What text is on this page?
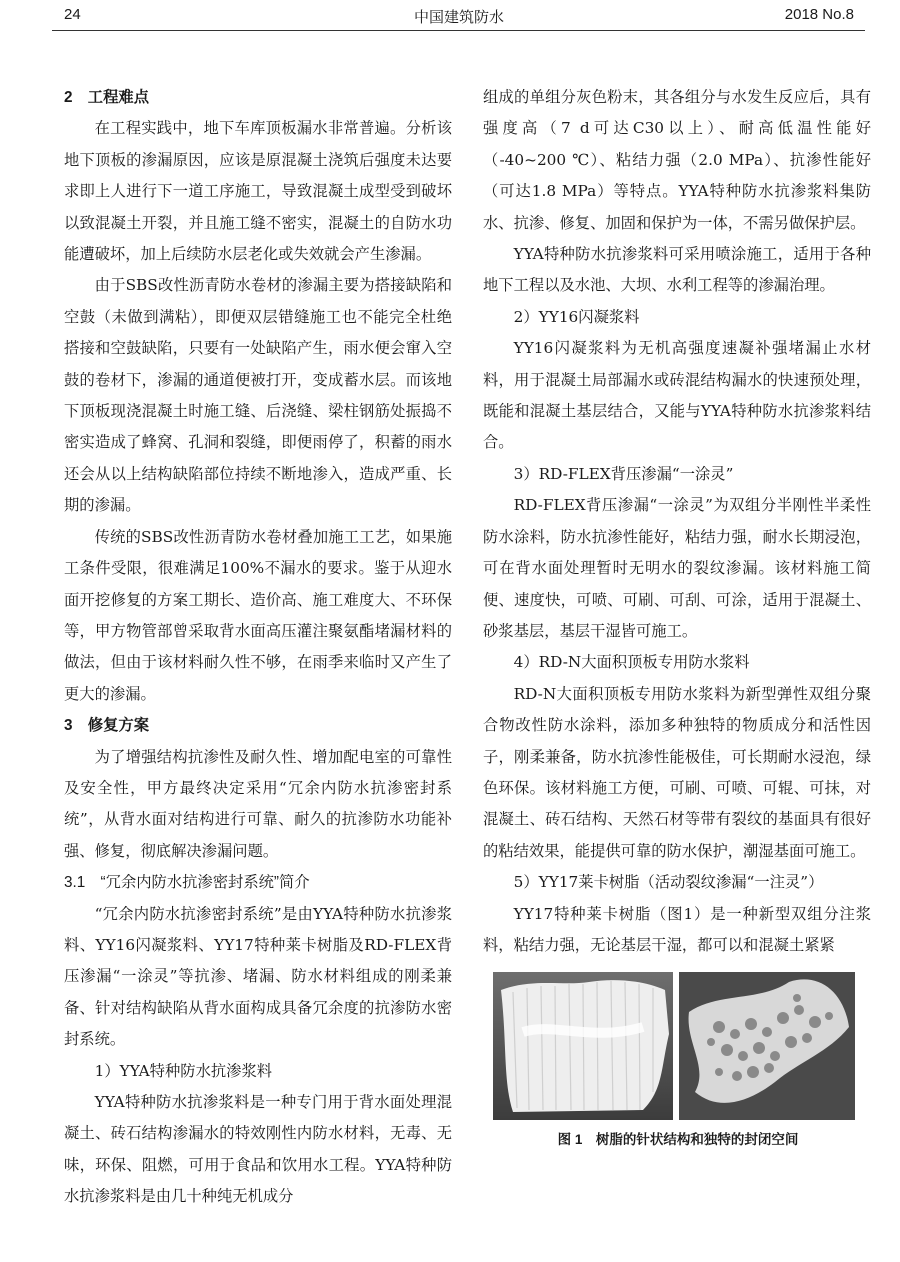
24	中国建筑防水	2018 No.8

2　工程难点

在工程实践中，地下车库顶板漏水非常普遍。分析该地下顶板的渗漏原因，应该是原混凝土浇筑后强度未达要求即上人进行下一道工序施工，导致混凝土成型受到破坏以致混凝土开裂，并且施工缝不密实，混凝土的自防水功能遭破坏，加上后续防水层老化或失效就会产生渗漏。

由于SBS改性沥青防水卷材的渗漏主要为搭接缺陷和空鼓（未做到满粘），即便双层错缝施工也不能完全杜绝搭接和空鼓缺陷，只要有一处缺陷产生，雨水便会窜入空鼓的卷材下，渗漏的通道便被打开，变成蓄水层。而该地下顶板现浇混凝土时施工缝、后浇缝、梁柱钢筋处振捣不密实造成了蜂窝、孔洞和裂缝，即便雨停了，积蓄的雨水还会从以上结构缺陷部位持续不断地渗入，造成严重、长期的渗漏。

传统的SBS改性沥青防水卷材叠加施工工艺，如果施工条件受限，很难满足100%不漏水的要求。鉴于从迎水面开挖修复的方案工期长、造价高、施工难度大、不环保等，甲方物管部曾采取背水面高压灌注聚氨酯堵漏材料的做法，但由于该材料耐久性不够，在雨季来临时又产生了更大的渗漏。

3　修复方案

为了增强结构抗渗性及耐久性、增加配电室的可靠性及安全性，甲方最终决定采用“冗余内防水抗渗密封系统”，从背水面对结构进行可靠、耐久的抗渗防水功能补强、修复，彻底解决渗漏问题。

3.1　“冗余内防水抗渗密封系统”简介

“冗余内防水抗渗密封系统”是由YYA特种防水抗渗浆料、YY16闪凝浆料、YY17特种莱卡树脂及RD-FLEX背压渗漏“一涂灵”等抗渗、堵漏、防水材料组成的刚柔兼备、针对结构缺陷从背水面构成具备冗余度的抗渗防水密封系统。

1）YYA特种防水抗渗浆料

YYA特种防水抗渗浆料是一种专门用于背水面处理混凝土、砖石结构渗漏水的特效刚性内防水材料，无毒、无味，环保、阻燃，可用于食品和饮用水工程。YYA特种防水抗渗浆料是由几十种纯无机成分

组成的单组分灰色粉末，其各组分与水发生反应后，具有强度高（7 d可达C30以上）、耐高低温性能好（-40~200 ℃）、粘结力强（2.0 MPa）、抗渗性能好（可达1.8 MPa）等特点。YYA特种防水抗渗浆料集防水、抗渗、修复、加固和保护为一体，不需另做保护层。

YYA特种防水抗渗浆料可采用喷涂施工，适用于各种地下工程以及水池、大坝、水利工程等的渗漏治理。

2）YY16闪凝浆料

YY16闪凝浆料为无机高强度速凝补强堵漏止水材料，用于混凝土局部漏水或砖混结构漏水的快速预处理，既能和混凝土基层结合，又能与YYA特种防水抗渗浆料结合。

3）RD-FLEX背压渗漏“一涂灵”

RD-FLEX背压渗漏“一涂灵”为双组分半刚性半柔性防水涂料，防水抗渗性能好，粘结力强，耐水长期浸泡，可在背水面处理暂时无明水的裂纹渗漏。该材料施工简便、速度快，可喷、可刷、可刮、可涂，适用于混凝土、砂浆基层，基层干湿皆可施工。

4）RD-N大面积顶板专用防水浆料

RD-N大面积顶板专用防水浆料为新型弹性双组分聚合物改性防水涂料，添加多种独特的物质成分和活性因子，刚柔兼备，防水抗渗性能极佳，可长期耐水浸泡，绿色环保。该材料施工方便，可刷、可喷、可辊、可抹，对混凝土、砖石结构、天然石材等带有裂纹的基面具有很好的粘结效果，能提供可靠的防水保护，潮湿基面可施工。

5）YY17莱卡树脂（活动裂纹渗漏“一注灵”）

YY17特种莱卡树脂（图1）是一种新型双组分注浆料，粘结力强，无论基层干湿，都可以和混凝土紧紧

图 1　树脂的针状结构和独特的封闭空间
